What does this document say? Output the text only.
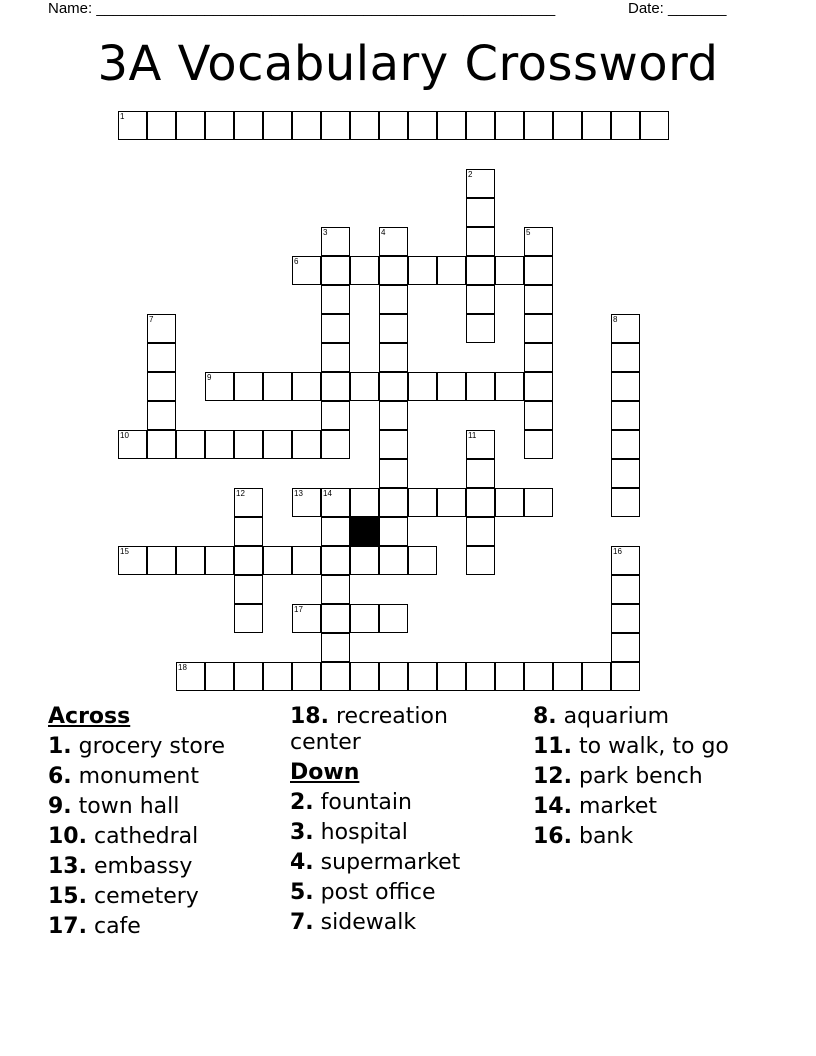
Name: _______________________________________________________	Date: _______
3A Vocabulary Crossword
1
2
3	4	5
6
7	8
9
10	11
12	13	14
15	16
17
18

Across

1. grocery store

6. monument

9. town hall

10. cathedral

13. embassy

15. cemetery

17. cafe

18. recreation center

Down

2. fountain

3. hospital

4. supermarket

5. post office

7. sidewalk

8. aquarium

11. to walk, to go

12. park bench

14. market

16. bank
